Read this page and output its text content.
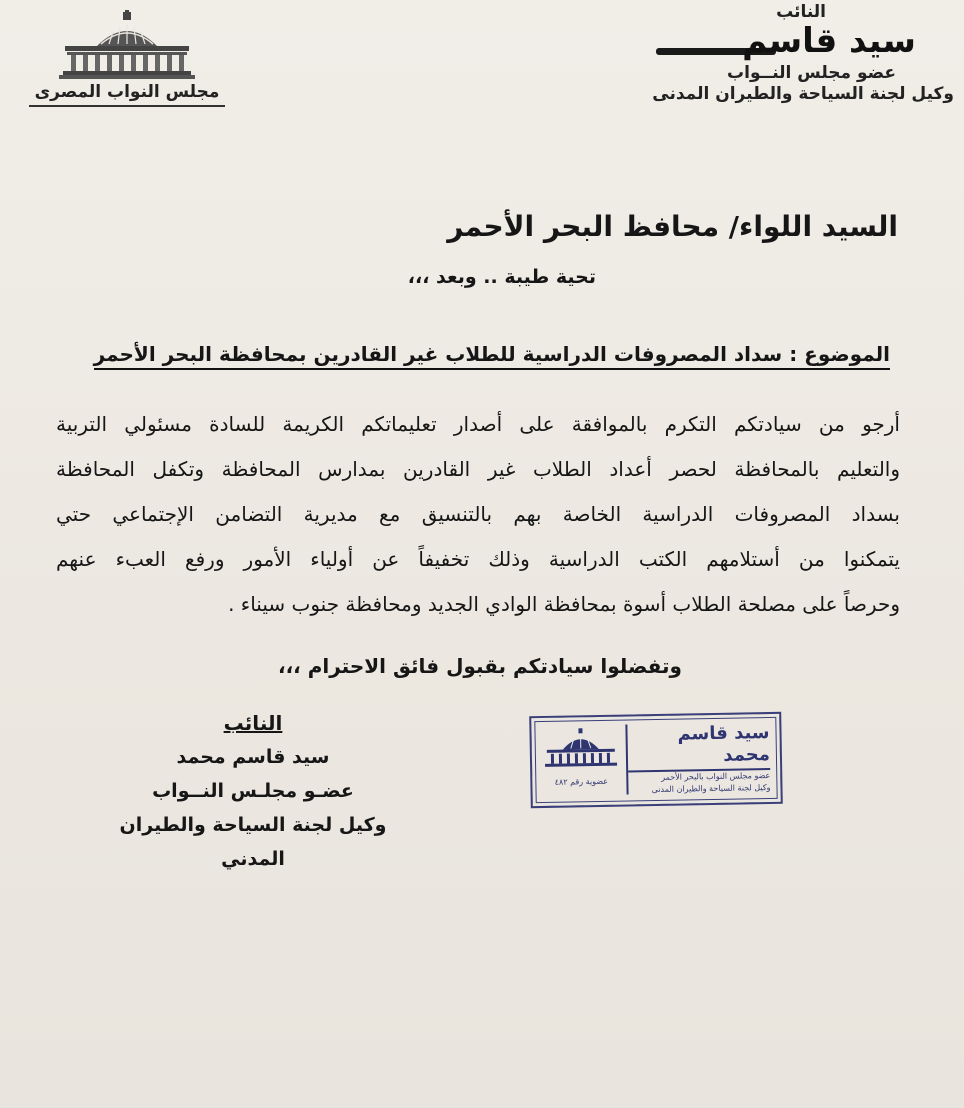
النائب
سيد قاسم
عضو مجلس النــواب
وكيل لجنة السياحة والطيران المدنى
مجلس النواب المصرى
السيد اللواء/ محافظ البحر الأحمر
تحية طيبة .. وبعد ،،،
الموضوع : سداد المصروفات الدراسية للطلاب غير القادرين بمحافظة البحر الأحمر
أرجو من سيادتكم التكرم بالموافقة على أصدار تعليماتكم الكريمة للسادة مسئولي التربية
والتعليم بالمحافظة لحصر أعداد الطلاب غير القادرين بمدارس المحافظة وتكفل المحافظة
بسداد المصروفات الدراسية الخاصة بهم بالتنسيق مع مديرية التضامن الإجتماعي حتي
يتمكنوا من أستلامهم الكتب الدراسية وذلك تخفيفاً عن أولياء الأمور ورفع العبء عنهم
وحرصاً على مصلحة الطلاب أسوة بمحافظة الوادي الجديد ومحافظة جنوب سيناء .
وتفضلوا سيادتكم بقبول فائق الاحترام ،،،
سيد قاسم محمد
عضو مجلس النواب بالبحر الأحمر
وكيل لجنة السياحة والطيران المدنى
عضوية رقم ٤٨٢
النائب
سيد قاسم محمد
عضـو مجلـس النــواب
وكيل لجنة السياحة والطيران المدني
